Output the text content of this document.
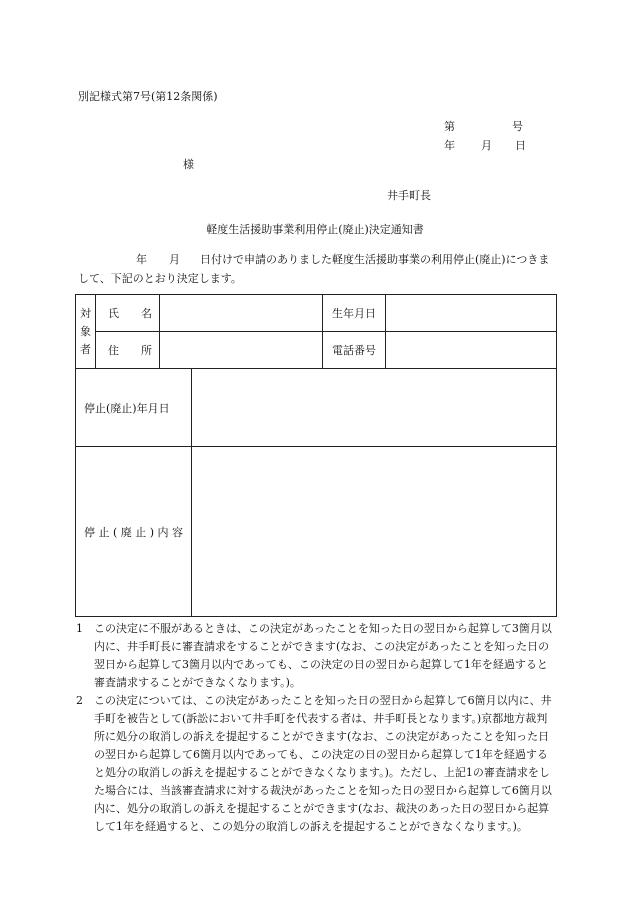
別記様式第7号(第12条関係)
第	号
年 月 日
様
井手町長
軽度生活援助事業利用停止(廃止)決定通知書
年 月 日付けで申請のありました軽度生活援助事業の利用停止(廃止)につきまして、下記のとおり決定します。
対
象
者	氏　　名			生年月日	
	住　　所			電話番号	
停止(廃止)年月日					
停 止 ( 廃 止 ) 内 容					
1	この決定に不服があるときは、この決定があったことを知った日の翌日から起算して3箇月以内に、井手町長に審査請求をすることができます(なお、この決定があったことを知った日の翌日から起算して3箇月以内であっても、この決定の日の翌日から起算して1年を経過すると審査請求することができなくなります。)。
2	この決定については、この決定があったことを知った日の翌日から起算して6箇月以内に、井手町を被告として(訴訟において井手町を代表する者は、井手町長となります。)京都地方裁判所に処分の取消しの訴えを提起することができます(なお、この決定があったことを知った日の翌日から起算して6箇月以内であっても、この決定の日の翌日から起算して1年を経過すると処分の取消しの訴えを提起することができなくなります。)。ただし、上記1の審査請求をした場合には、当該審査請求に対する裁決があったことを知った日の翌日から起算して6箇月以内に、処分の取消しの訴えを提起することができます(なお、裁決のあった日の翌日から起算して1年を経過すると、この処分の取消しの訴えを提起することができなくなります。)。
